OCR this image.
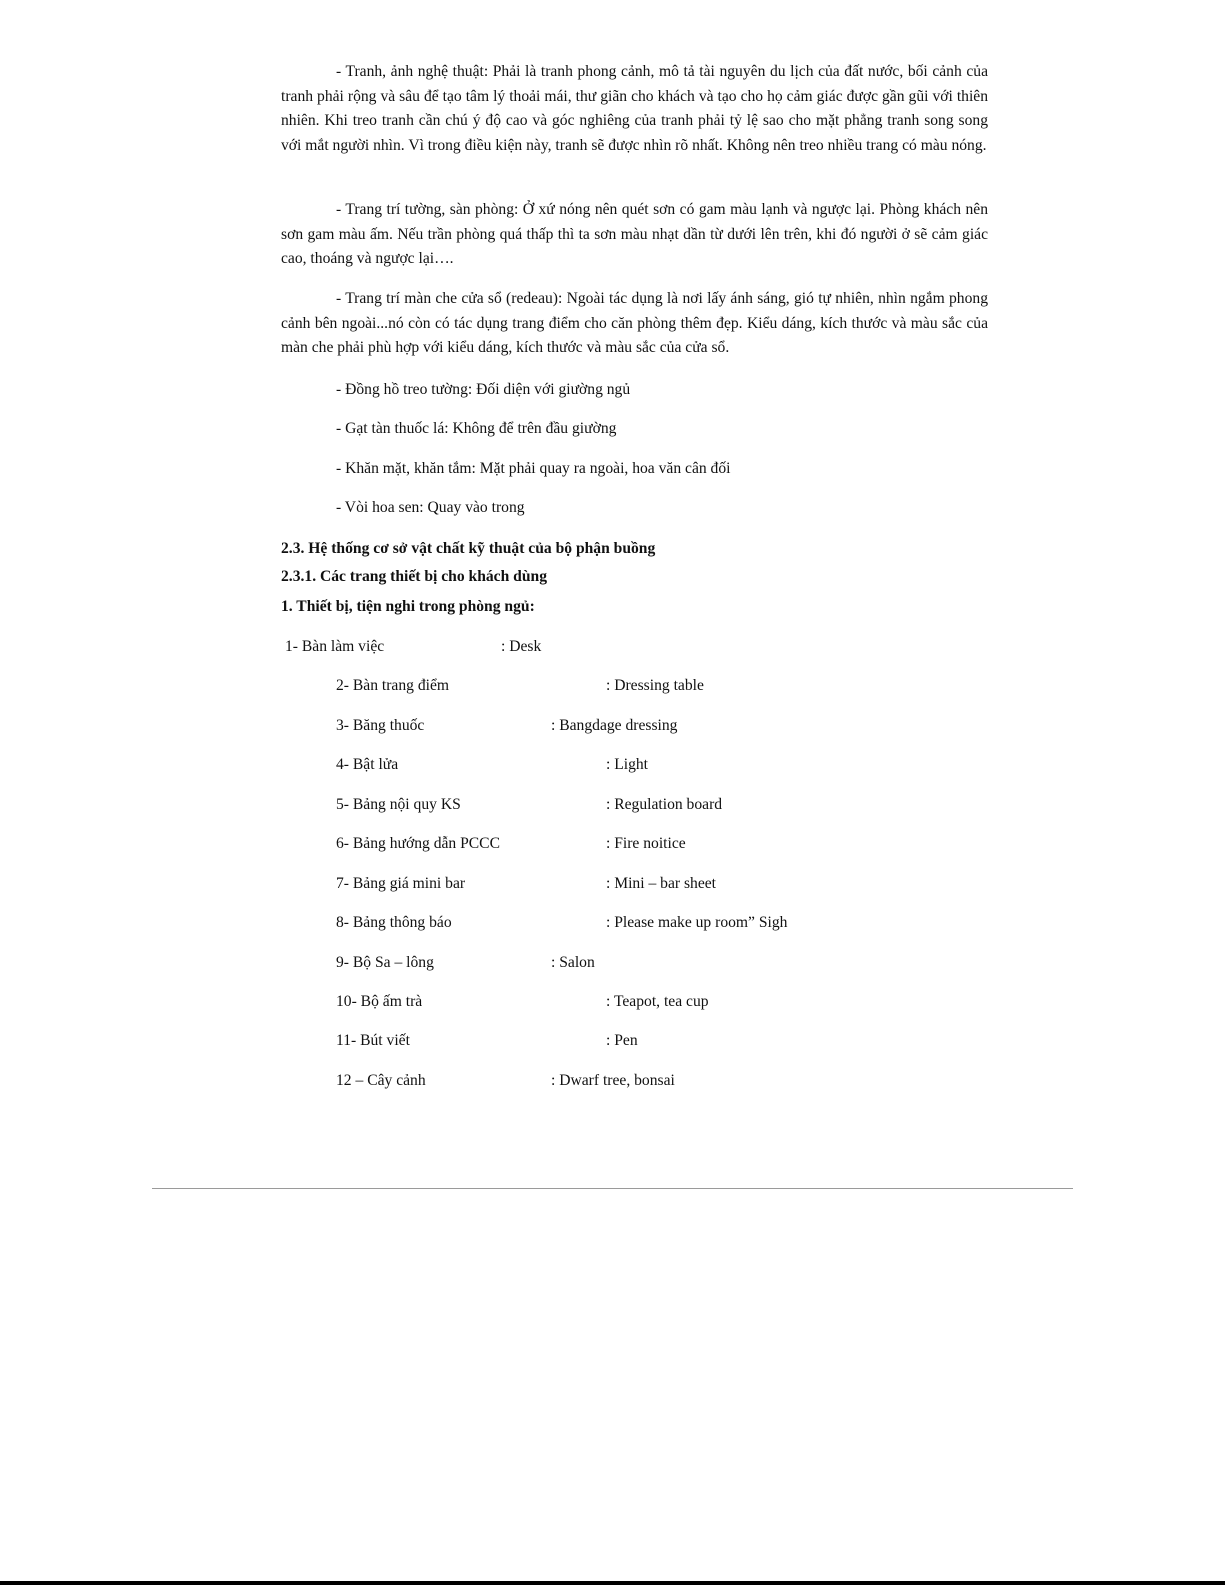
- Tranh, ảnh nghệ thuật: Phải là tranh phong cảnh, mô tả tài nguyên du lịch của đất nước, bối cảnh của tranh phải rộng và sâu để tạo tâm lý thoải mái, thư giãn cho khách và tạo cho họ cảm giác được gần gũi với thiên nhiên. Khi treo tranh cần chú ý độ cao và góc nghiêng của tranh phải tỷ lệ sao cho mặt phẳng tranh song song với mắt người nhìn. Vì trong điều kiện này, tranh sẽ được nhìn rõ nhất. Không nên treo nhiều trang có màu nóng.

- Trang trí tường, sàn phòng: Ở xứ nóng nên quét sơn có gam màu lạnh và ngược lại. Phòng khách nên sơn gam màu ấm. Nếu trần phòng quá thấp thì ta sơn màu nhạt dần từ dưới lên trên, khi đó người ở sẽ cảm giác cao, thoáng và ngược lại….

- Trang trí màn che cửa sổ (redeau): Ngoài tác dụng là nơi lấy ánh sáng, gió tự nhiên, nhìn ngắm phong cảnh bên ngoài...nó còn có tác dụng trang điểm cho căn phòng thêm đẹp. Kiểu dáng, kích thước và màu sắc của màn che phải phù hợp với kiểu dáng, kích thước và màu sắc của cửa sổ.

- Đồng hồ treo tường: Đối diện với giường ngủ

- Gạt tàn thuốc lá: Không để trên đầu giường

- Khăn mặt, khăn tắm: Mặt phải quay ra ngoài, hoa văn cân đối

- Vòi hoa sen: Quay vào trong

2.3. Hệ thống cơ sở vật chất kỹ thuật của bộ phận buồng

2.3.1. Các trang thiết bị cho khách dùng

1. Thiết bị, tiện nghi trong phòng ngủ:

1- Bàn làm việc	: Desk
2- Bàn trang điểm	: Dressing table
3- Băng thuốc	: Bangdage dressing
4- Bật lửa	: Light
5- Bảng nội quy KS	: Regulation board
6- Bảng hướng dẫn PCCC	: Fire noitice
7- Bảng giá mini bar	: Mini – bar sheet
8- Bảng thông báo	: Please make up room” Sigh
9- Bộ Sa – lông	: Salon
10- Bộ ấm trà	: Teapot, tea cup
11- Bút viết	: Pen
12 – Cây cảnh	: Dwarf tree, bonsai
